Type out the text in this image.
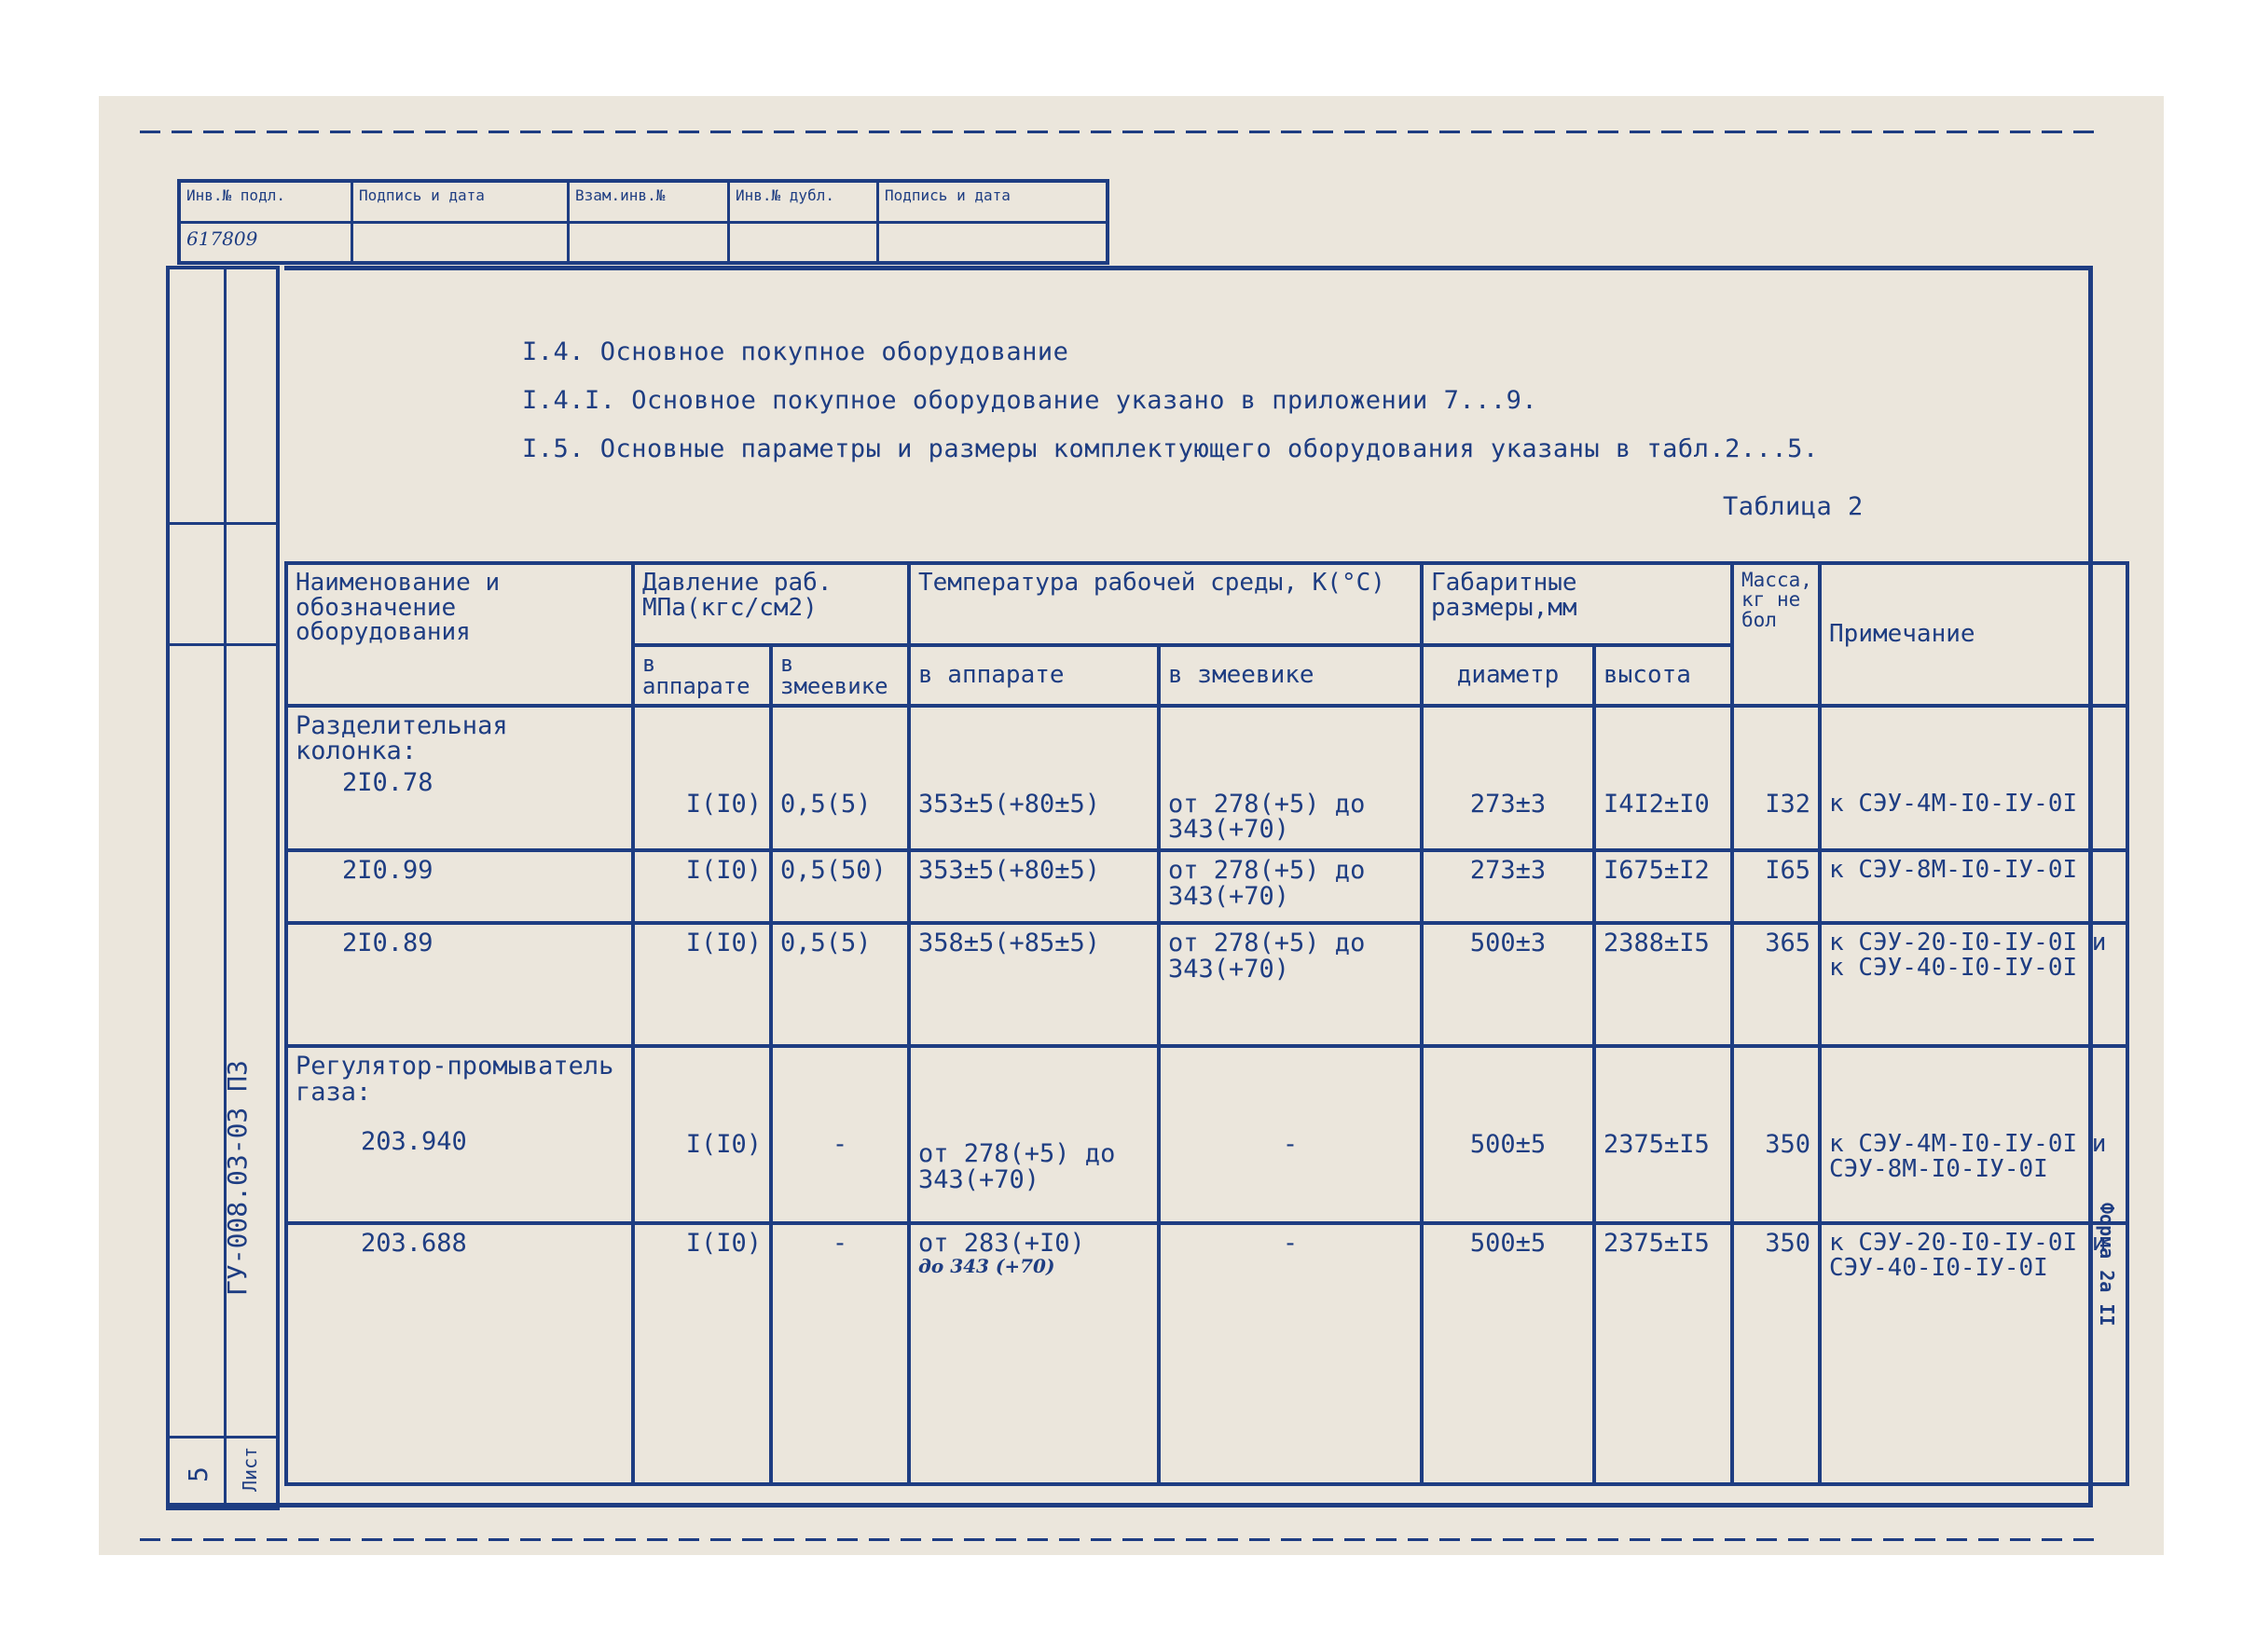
Инв.№ подл.	Подпись и дата	Взам.инв.№	Инв.№ дубл.	Подпись и дата
617809
ГУ-008.03-03 ПЗ
5 Лист
Форма 2а II
I.4. Основное покупное оборудование
I.4.I. Основное покупное оборудование указано в приложении 7...9.
I.5. Основные параметры и размеры комплектующего оборудования указаны в табл.2...5.
Таблица 2
Наименование и обозначение оборудования	Давление раб. МПа(кгс/см2)		Температура рабочей среды, К(°С)		Габаритные размеры,мм		Масса, кг не бол	Примечание
	в аппарате	в змеевике	в аппарате	в змеевике	диаметр	высота		

Разделительная колонка:
2I0.78	I(I0)	0,5(5)	353±5(+80±5)	от 278(+5) до 343(+70)	273±3	I4I2±I0	I32	к СЭУ-4М-I0-IУ-0I

2I0.99	I(I0)	0,5(50)	353±5(+80±5)	от 278(+5) до 343(+70)	273±3	I675±I2	I65	к СЭУ-8М-I0-IУ-0I

2I0.89	I(I0)	0,5(5)	358±5(+85±5)	от 278(+5) до 343(+70)	500±3	2388±I5	365	к СЭУ-20-I0-IУ-0I и к СЭУ-40-I0-IУ-0I

Регулятор-промыватель газа:
203.940	I(I0)	-	от 278(+5) до 343(+70)	-	500±5	2375±I5	350	к СЭУ-4М-I0-IУ-0I и СЭУ-8М-I0-IУ-0I

203.688	I(I0)	-	от 283(+I0)
до 343 (+70)	-	500±5	2375±I5	350	к СЭУ-20-I0-IУ-0I и СЭУ-40-I0-IУ-0I
